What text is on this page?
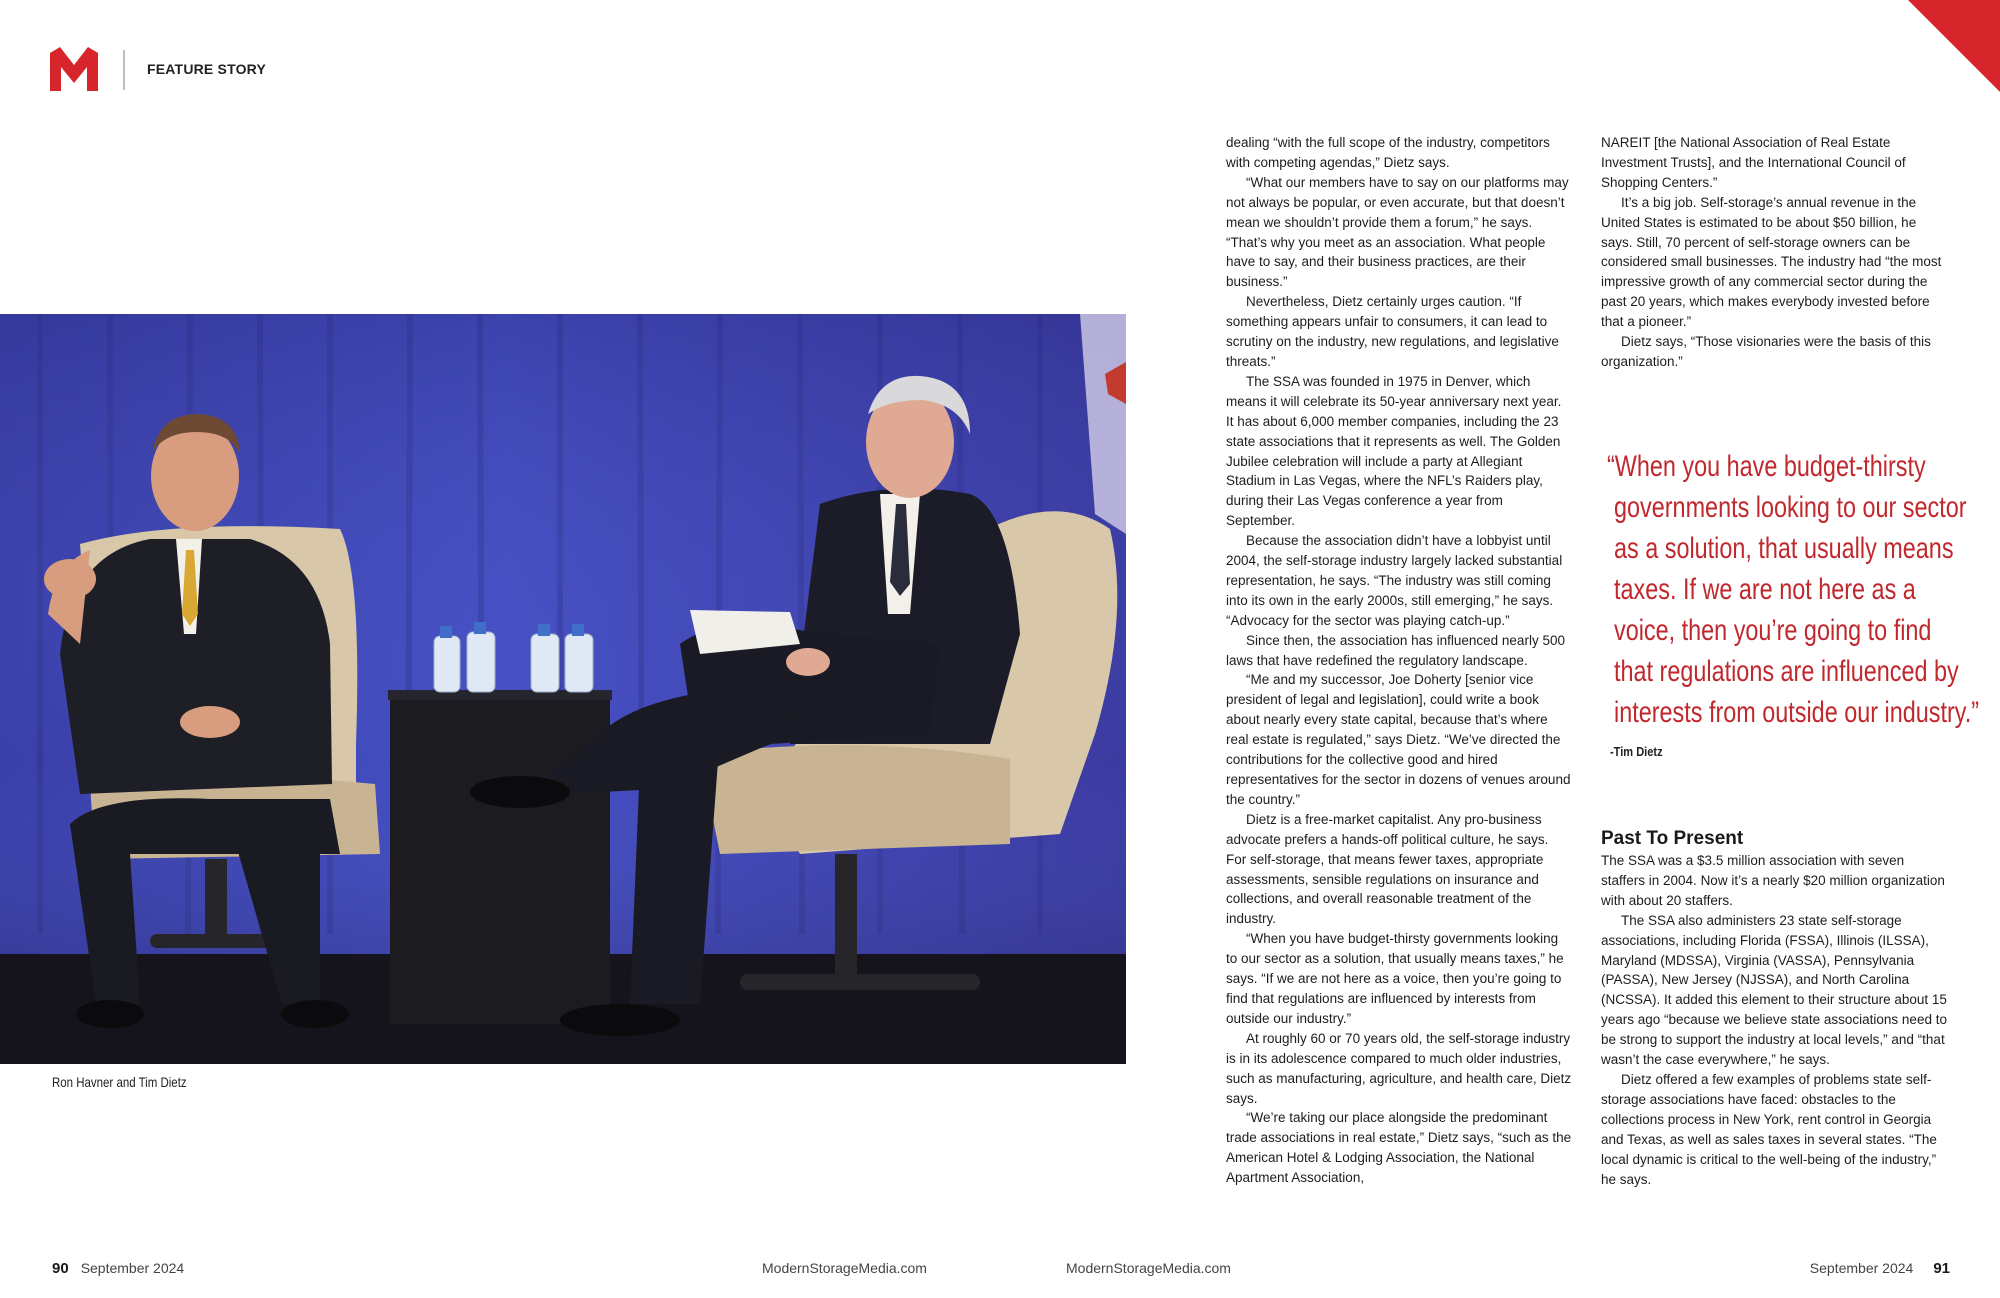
FEATURE STORY
Ron Havner and Tim Dietz

dealing “with the full scope of the industry, competitors with competing agendas,” Dietz says.

“What our members have to say on our platforms may not always be popular, or even accurate, but that doesn’t mean we shouldn’t provide them a forum,” he says. “That’s why you meet as an association. What people have to say, and their business practices, are their business.”

Nevertheless, Dietz certainly urges caution. “If something appears unfair to consumers, it can lead to scrutiny on the industry, new regulations, and legislative threats.”

The SSA was founded in 1975 in Denver, which means it will celebrate its 50-year anniversary next year. It has about 6,000 member companies, including the 23 state associations that it represents as well. The Golden Jubilee celebration will include a party at Allegiant Stadium in Las Vegas, where the NFL’s Raiders play, during their Las Vegas conference a year from September.

Because the association didn’t have a lobbyist until 2004, the self-storage industry largely lacked substantial representation, he says. “The industry was still coming into its own in the early 2000s, still emerging,” he says. “Advocacy for the sector was playing catch-up.”

Since then, the association has influenced nearly 500 laws that have redefined the regulatory landscape.

“Me and my successor, Joe Doherty [senior vice president of legal and legislation], could write a book about nearly every state capital, because that’s where real estate is regulated,” says Dietz. “We’ve directed the contributions for the collective good and hired representatives for the sector in dozens of venues around the country.”

Dietz is a free-market capitalist. Any pro-business advocate prefers a hands-off political culture, he says. For self-storage, that means fewer taxes, appropriate assessments, sensible regulations on insurance and collections, and overall reasonable treatment of the industry.

“When you have budget-thirsty governments looking to our sector as a solution, that usually means taxes,” he says. “If we are not here as a voice, then you’re going to find that regulations are influenced by interests from outside our industry.”

At roughly 60 or 70 years old, the self-storage industry is in its adolescence compared to much older industries, such as manufacturing, agriculture, and health care, Dietz says.

“We’re taking our place alongside the predominant trade associations in real estate,” Dietz says, “such as the American Hotel & Lodging Association, the National Apartment Association,

NAREIT [the National Association of Real Estate Investment Trusts], and the International Council of Shopping Centers.”

It’s a big job. Self-storage’s annual revenue in the United States is estimated to be about $50 billion, he says. Still, 70 percent of self-storage owners can be considered small businesses. The industry had “the most impressive growth of any commercial sector during the past 20 years, which makes everybody invested before that a pioneer.”

Dietz says, “Those visionaries were the basis of this organization.”

“When you have budget-thirsty
governments looking to our sector
as a solution, that usually means
taxes. If we are not here as a
voice, then you’re going to find
that regulations are influenced by
interests from outside our industry.”
-Tim Dietz
Past To Present

The SSA was a $3.5 million association with seven staffers in 2004. Now it’s a nearly $20 million organization with about 20 staffers.

The SSA also administers 23 state self-storage associations, including Florida (FSSA), Illinois (ILSSA), Maryland (MDSSA), Virginia (VASSA), Pennsylvania (PASSA), New Jersey (NJSSA), and North Carolina (NCSSA). It added this element to their structure about 15 years ago “because we believe state associations need to be strong to support the industry at local levels,” and “that wasn’t the case everywhere,” he says.

Dietz offered a few examples of problems state self-storage associations have faced: obstacles to the collections process in New York, rent control in Georgia and Texas, as well as sales taxes in several states. “The local dynamic is critical to the well-being of the industry,” he says.

90 September 2024	ModernStorageMedia.com	ModernStorageMedia.com	September 2024 91
